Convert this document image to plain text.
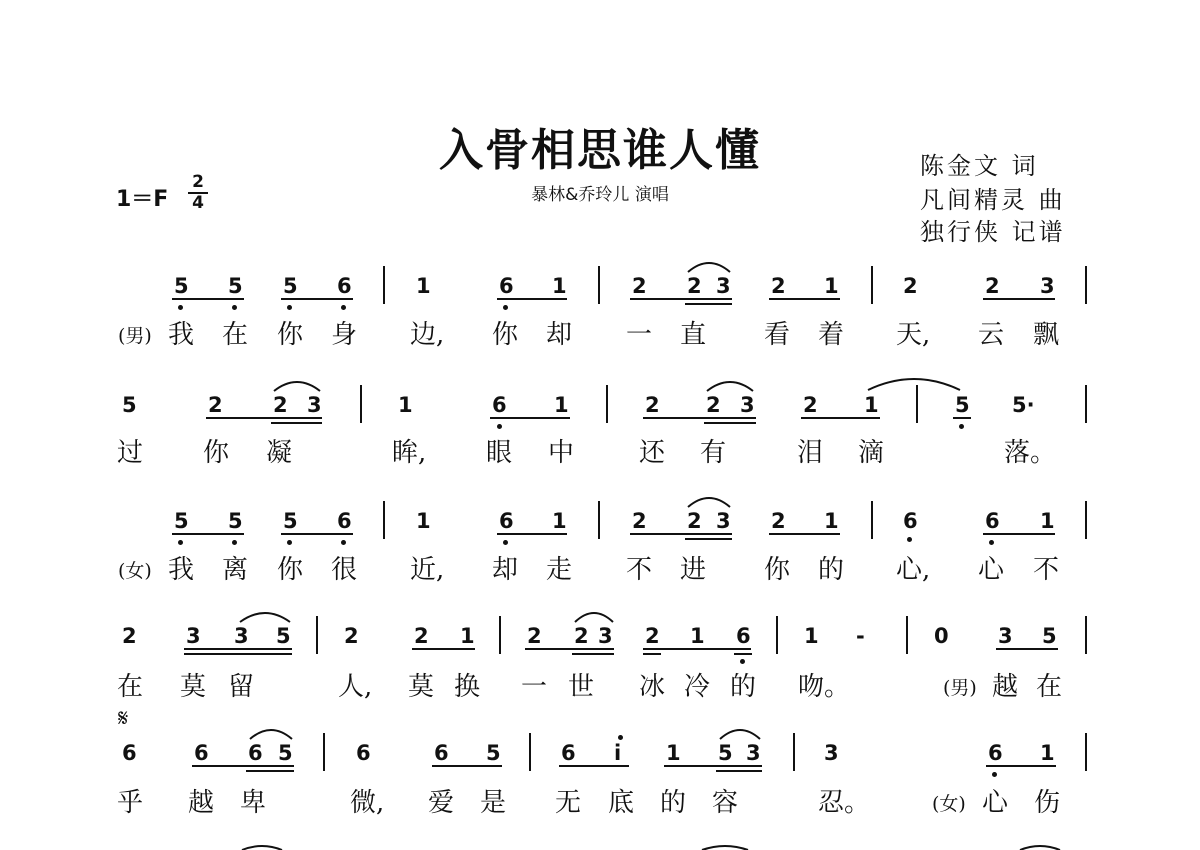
入骨相思谁人懂
暴林&乔玲儿 演唱
陈金文 词
凡间精灵 曲
独行侠 记谱
1＝F
2
4
5 5 5 6	1	6 1	2 2 3 2 1	2	2 3
(男) 我 在 你 身 边, 你 却 一 直 看 着 天, 云 飘
5	2 2 3	1	6 1	2 2 3 2 1	5 5·
过 你 凝	眸, 眼 中 还 有	泪 滴	落。
5 5 5 6	1	6 1	2 2 3 2 1	6	6 1
(女) 我 离 你 很 近, 却 走 不 进 你 的 心, 心 不
2 3 3 5	2	2 1 2 2 3 2 1 6	1 -	0 3 5
在 莫 留	人, 莫 换 一 世 冰 冷 的 吻。	(男) 越 在
𝄋
6	6 6 5	6	6 5	6 i 1 5 3	3	6 1
乎 越 卑	微, 爱 是 无 底 的 容	忍。	(女) 心 伤
